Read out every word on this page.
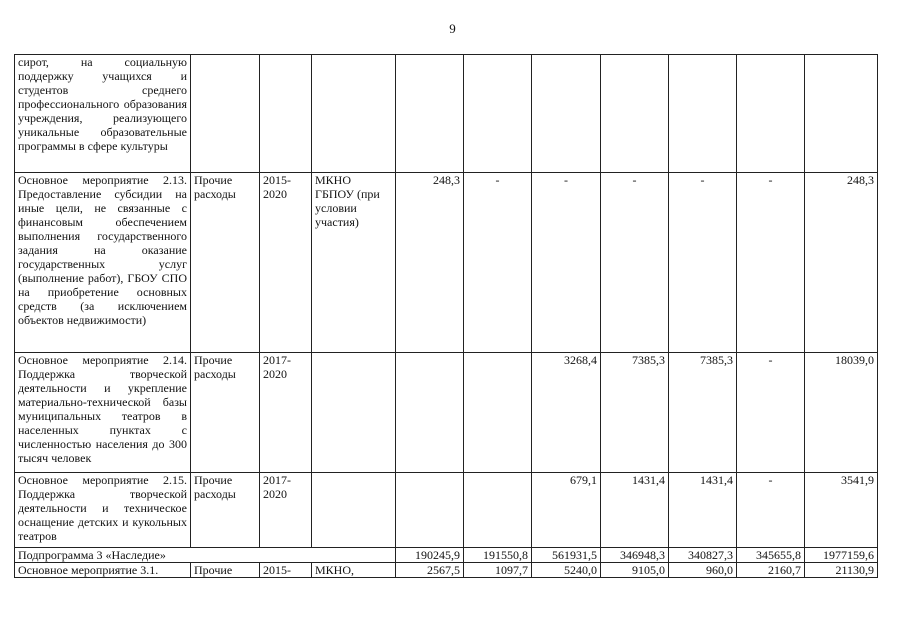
9
сирот, на социальную поддержку учащихся и студентов среднего профессионального образования учреждения, реализующего уникальные образовательные программы в сфере культуры										
Основное мероприятие 2.13. Предоставление субсидии на иные цели, не связанные с финансовым обеспечением выполнения государственного задания на оказание государственных услуг (выполнение работ), ГБОУ СПО на приобретение основных средств (за исключением объектов недвижимости)	Прочие расходы	2015-2020	МКНО ГБПОУ (при условии участия)	248,3	-	-	-	-	-	248,3
Основное мероприятие 2.14. Поддержка творческой деятельности и укрепление материально-технической базы муниципальных театров в населенных пунктах с численностью населения до 300 тысяч человек	Прочие расходы	2017-2020				3268,4	7385,3	7385,3	-	18039,0
Основное мероприятие 2.15. Поддержка творческой деятельности и техническое оснащение детских и кукольных театров	Прочие расходы	2017-2020				679,1	1431,4	1431,4	-	3541,9
Подпрограмма 3 «Наследие»				190245,9	191550,8	561931,5	346948,3	340827,3	345655,8	1977159,6
Основное мероприятие 3.1.	Прочие	2015-	МКНО,	2567,5	1097,7	5240,0	9105,0	960,0	2160,7	21130,9
